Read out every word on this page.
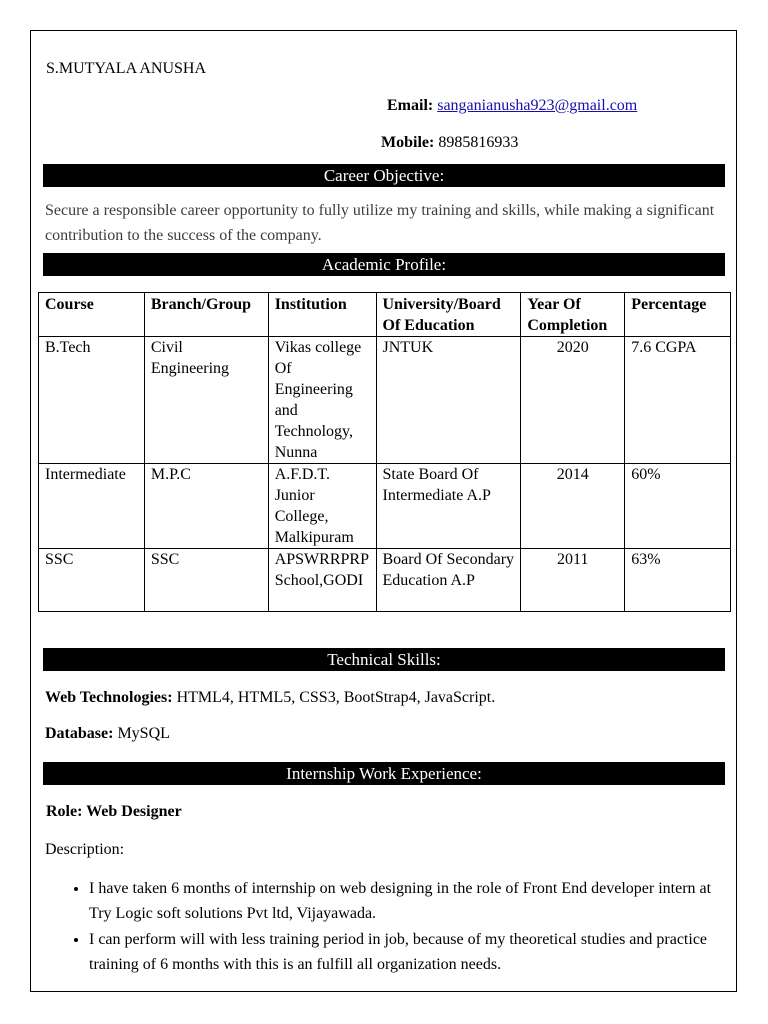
S.MUTYALA ANUSHA
Email: sanganianusha923@gmail.com
Mobile: 8985816933
Career Objective:
Secure a responsible career opportunity to fully utilize my training and skills, while making a significant contribution to the success of the company.
Academic Profile:
Course	Branch/Group	Institution	University/Board Of Education	Year Of Completion	Percentage
B.Tech	Civil Engineering	Vikas college Of Engineering and Technology, Nunna	JNTUK	2020	7.6 CGPA
Intermediate	M.P.C	A.F.D.T. Junior College, Malkipuram	State Board Of Intermediate A.P	2014	60%
SSC	SSC	APSWRRPRP School,GODI	Board Of Secondary Education A.P	2011	63%
Technical Skills:
Web Technologies: HTML4, HTML5, CSS3, BootStrap4, JavaScript.
Database: MySQL
Internship Work Experience:
Role: Web Designer
Description:
• I have taken 6 months of internship on web designing in the role of Front End developer intern at Try Logic soft solutions Pvt ltd, Vijayawada.
• I can perform will with less training period in job, because of my theoretical studies and practice training of 6 months with this is an fulfill all organization needs.
